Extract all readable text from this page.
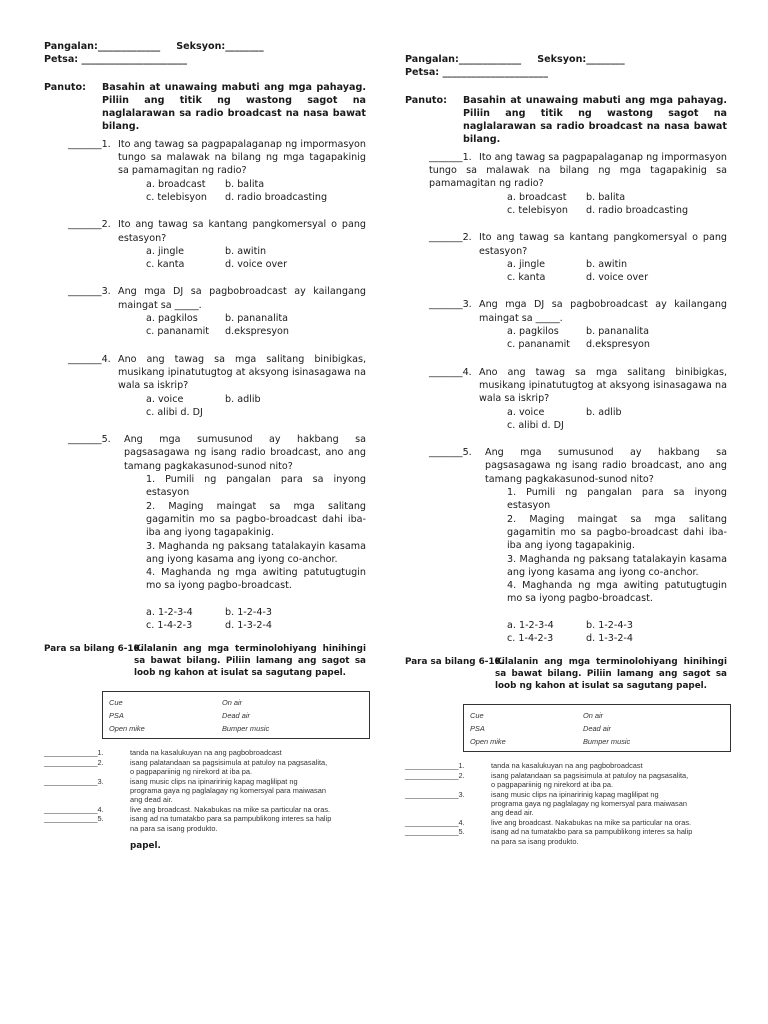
Pangalan:_____________ Seksyon:________
Petsa: ______________________
Panuto: Basahin at unawaing mabuti ang mga pahayag. Piliin ang titik ng wastong sagot na naglalarawan sa radio broadcast na nasa bawat bilang.
_______1. Ito ang tawag sa pagpapalaganap ng impormasyon tungo sa malawak na bilang ng mga tagapakinig sa pamamagitan ng radio?
a. broadcast b. balita
c. telebisyon d. radio broadcasting
_______2. Ito ang tawag sa kantang pangkomersyal o pang estasyon?
a. jingle	b. awitin
c. kanta	d. voice over
_______3. Ang mga DJ sa pagbobroadcast ay kailangang maingat sa _____.
a. pagkilos	b. pananalita
c. pananamit d.ekspresyon
_______4. Ano ang tawag sa mga salitang binibigkas, musikang ipinatutugtog at aksyong isinasagawa na wala sa iskrip?
a. voice	b. adlib
c. alibi d. DJ
_______5. Ang mga sumusunod ay hakbang sa pagsasagawa ng isang radio broadcast, ano ang tamang pagkakasunod-sunod nito?
1. Pumili ng pangalan para sa inyong estasyon
2. Maging maingat sa mga salitang gagamitin mo sa pagbo-broadcast dahi iba-iba ang iyong tagapakinig.
3. Maghanda ng paksang tatalakayin kasama ang iyong kasama ang iyong co-anchor.
4. Maghanda ng mga awiting patutugtugin mo sa iyong pagbo-broadcast.
a. 1-2-3-4	b. 1-2-4-3
c. 1-4-2-3	d. 1-3-2-4
Para sa bilang 6-10.
Kilalanin ang mga terminolohiyang hinihingi sa bawat bilang. Piliin lamang ang sagot sa loob ng kahon at isulat sa sagutang papel.
Cue	On air
PSA	Dead air
Open mike	Bumper music
_____________1.	tanda na kasalukuyan na ang pagbobroadcast
_____________2.	isang palatandaan sa pagsisimula at patuloy na pagsasalita,
o pagpapariinig ng nirekord at iba pa.
_____________3.	isang music clips na ipinaririnig kapag maglilipat ng
programa gaya ng paglalagay ng komersyal para maiwasan
ang dead air.
_____________4.	live ang broadcast. Nakabukas na mike sa particular na oras.
_____________5.	isang ad na tumatakbo para sa pampublikong interes sa halip
na para sa isang produkto.
papel.
Pangalan:_____________ Seksyon:________
Petsa: ______________________
Panuto: Basahin at unawaing mabuti ang mga pahayag. Piliin ang titik ng wastong sagot na naglalarawan sa radio broadcast na nasa bawat bilang.
_______1. Ito ang tawag sa pagpapalaganap ng impormasyon tungo sa malawak na bilang ng mga tagapakinig sa pamamagitan ng radio?
a. broadcast b. balita
c. telebisyon d. radio broadcasting
_______2. Ito ang tawag sa kantang pangkomersyal o pang estasyon?
a. jingle	b. awitin
c. kanta	d. voice over
_______3. Ang mga DJ sa pagbobroadcast ay kailangang maingat sa _____.
a. pagkilos	b. pananalita
c. pananamit d.ekspresyon
_______4. Ano ang tawag sa mga salitang binibigkas, musikang ipinatutugtog at aksyong isinasagawa na wala sa iskrip?
a. voice	b. adlib
c. alibi d. DJ
_______5. Ang mga sumusunod ay hakbang sa pagsasagawa ng isang radio broadcast, ano ang tamang pagkakasunod-sunod nito?
1. Pumili ng pangalan para sa inyong estasyon
2. Maging maingat sa mga salitang gagamitin mo sa pagbo-broadcast dahi iba-iba ang iyong tagapakinig.
3. Maghanda ng paksang tatalakayin kasama ang iyong kasama ang iyong co-anchor.
4. Maghanda ng mga awiting patutugtugin mo sa iyong pagbo-broadcast.
a. 1-2-3-4	b. 1-2-4-3
c. 1-4-2-3	d. 1-3-2-4
Para sa bilang 6-10.
Kilalanin ang mga terminolohiyang hinihingi sa bawat bilang. Piliin lamang ang sagot sa loob ng kahon at isulat sa sagutang papel.
Cue	On air
PSA	Dead air
Open mike	Bumper music
_____________1.	tanda na kasalukuyan na ang pagbobroadcast
_____________2.	isang palatandaan sa pagsisimula at patuloy na pagsasalita,
o pagpapariinig ng nirekord at iba pa.
_____________3.	isang music clips na ipinaririnig kapag maglilipat ng
programa gaya ng paglalagay ng komersyal para maiwasan
ang dead air.
_____________4.	live ang broadcast. Nakabukas na mike sa particular na oras.
_____________5.	isang ad na tumatakbo para sa pampublikong interes sa halip
na para sa isang produkto.
